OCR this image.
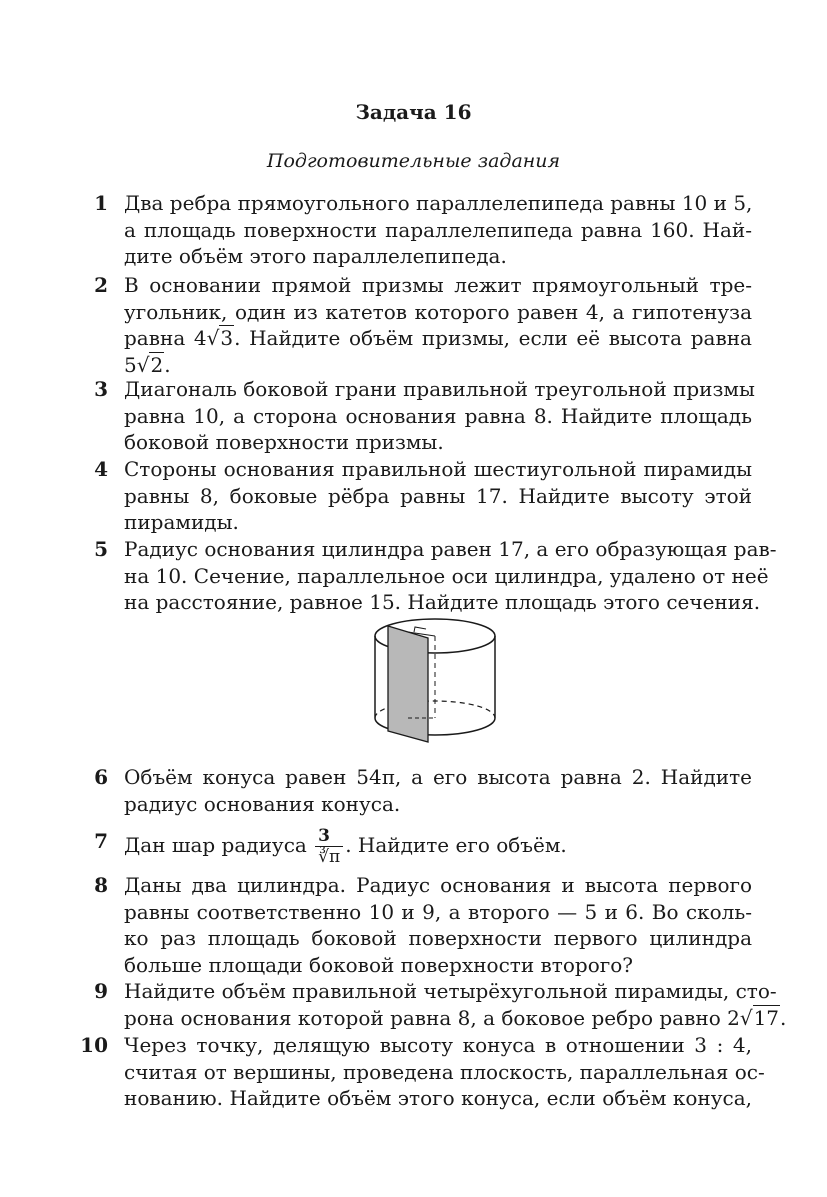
Задача 16
Подготовительные задания
1 Два ребра прямоугольного параллелепипеда равны 10 и 5,
а площадь поверхности параллелепипеда равна 160. Най-
дите объём этого параллелепипеда.
2 В основании прямой призмы лежит прямоугольный тре-
угольник, один из катетов которого равен 4, а гипотенуза
равна 4√3. Найдите объём призмы, если её высота равна
5√2.
3 Диагональ боковой грани правильной треугольной призмы
равна 10, а сторона основания равна 8. Найдите площадь
боковой поверхности призмы.
4 Стороны основания правильной шестиугольной пирамиды
равны 8, боковые рёбра равны 17. Найдите высоту этой
пирамиды.
5 Радиус основания цилиндра равен 17, а его образующая рав-
на 10. Сечение, параллельное оси цилиндра, удалено от неё
на расстояние, равное 15. Найдите площадь этого сечения.
6 Объём конуса равен 54π, а его высота равна 2. Найдите
радиус основания конуса.
7 Дан шар радиуса $\frac{3}{∛\pi}$ . Найдите его объём.
8 Даны два цилиндра. Радиус основания и высота первого
равны соответственно 10 и 9, а второго — 5 и 6. Во сколь-
ко раз площадь боковой поверхности первого цилиндра
больше площади боковой поверхности второго?
9 Найдите объём правильной четырёхугольной пирамиды, сто-
рона основания которой равна 8, а боковое ребро равно 2√17.
10 Через точку, делящую высоту конуса в отношении 3 : 4,
считая от вершины, проведена плоскость, параллельная ос-
нованию. Найдите объём этого конуса, если объём конуса,
